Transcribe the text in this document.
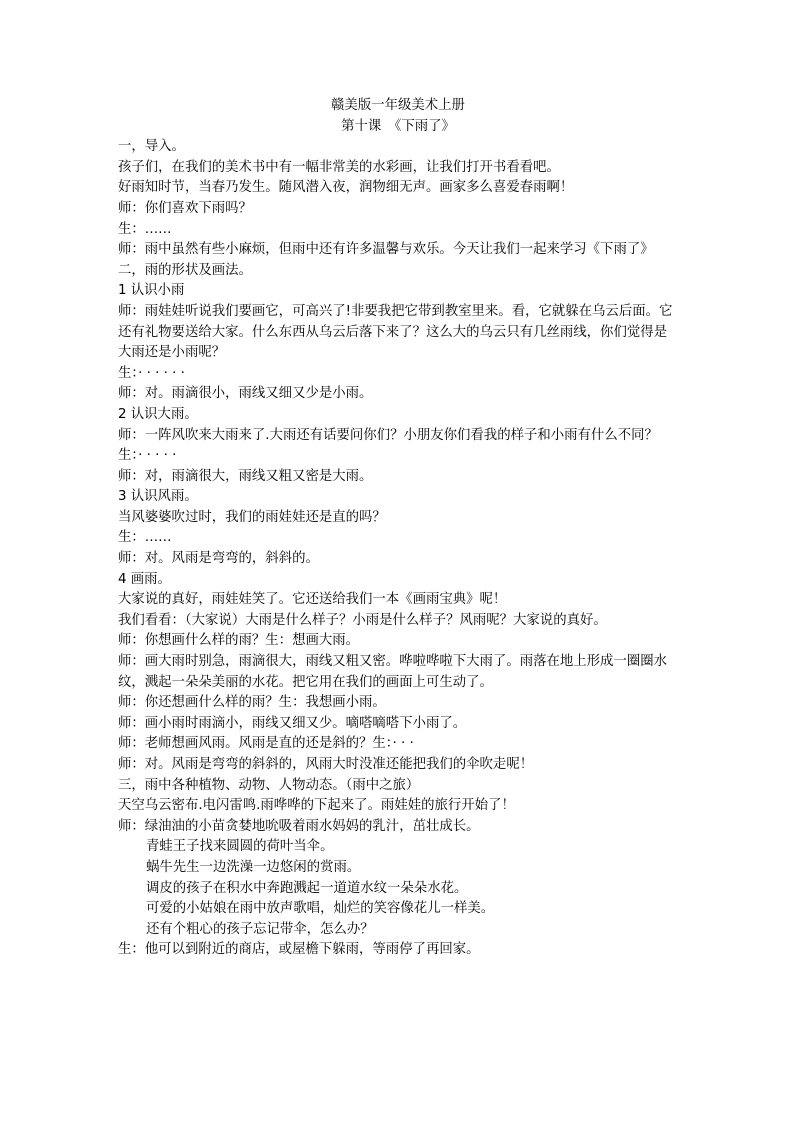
赣美版一年级美术上册

第十课　《下雨了》

一，导入。

孩子们，在我们的美术书中有一幅非常美的水彩画，让我们打开书看看吧。

好雨知时节，当春乃发生。随风潜入夜，润物细无声。画家多么喜爱春雨啊！

师：你们喜欢下雨吗？

生：……

师：雨中虽然有些小麻烦，但雨中还有许多温馨与欢乐。今天让我们一起来学习《下雨了》

二，雨的形状及画法。

1 认识小雨

师：雨娃娃听说我们要画它，可高兴了!非要我把它带到教室里来。看，它就躲在乌云后面。它还有礼物要送给大家。什么东西从乌云后落下来了？这么大的乌云只有几丝雨线，你们觉得是大雨还是小雨呢？

生：· · · · · ·

师：对。雨滴很小，雨线又细又少是小雨。

2 认识大雨。

师：一阵风吹来大雨来了.大雨还有话要问你们？小朋友你们看我的样子和小雨有什么不同？

生：· · · · ·

师：对，雨滴很大，雨线又粗又密是大雨。

3 认识风雨。

当风婆婆吹过时，我们的雨娃娃还是直的吗？

生：……

师：对。风雨是弯弯的，斜斜的。

4 画雨。

大家说的真好，雨娃娃笑了。它还送给我们一本《画雨宝典》呢！

我们看看：（大家说）大雨是什么样子？小雨是什么样子？风雨呢？大家说的真好。

师：你想画什么样的雨？生：想画大雨。

师：画大雨时别急，雨滴很大，雨线又粗又密。哗啦哗啦下大雨了。雨落在地上形成一圈圈水纹，溅起一朵朵美丽的水花。把它用在我们的画面上可生动了。

师：你还想画什么样的雨？生：我想画小雨。

师：画小雨时雨滴小，雨线又细又少。嘀嗒嘀嗒下小雨了。

师：老师想画风雨。风雨是直的还是斜的？生：· · ·

师：对。风雨是弯弯的斜斜的，风雨大时没准还能把我们的伞吹走呢！

三，雨中各种植物、动物、人物动态。（雨中之旅）

天空乌云密布.电闪雷鸣.雨哗哗的下起来了。雨娃娃的旅行开始了！

师：绿油油的小苗贪婪地吮吸着雨水妈妈的乳汁，茁壮成长。

青蛙王子找来圆圆的荷叶当伞。

蜗牛先生一边洗澡一边悠闲的赏雨。

调皮的孩子在积水中奔跑溅起一道道水纹一朵朵水花。

可爱的小姑娘在雨中放声歌唱，灿烂的笑容像花儿一样美。

还有个粗心的孩子忘记带伞，怎么办？

生：他可以到附近的商店，或屋檐下躲雨，等雨停了再回家。
